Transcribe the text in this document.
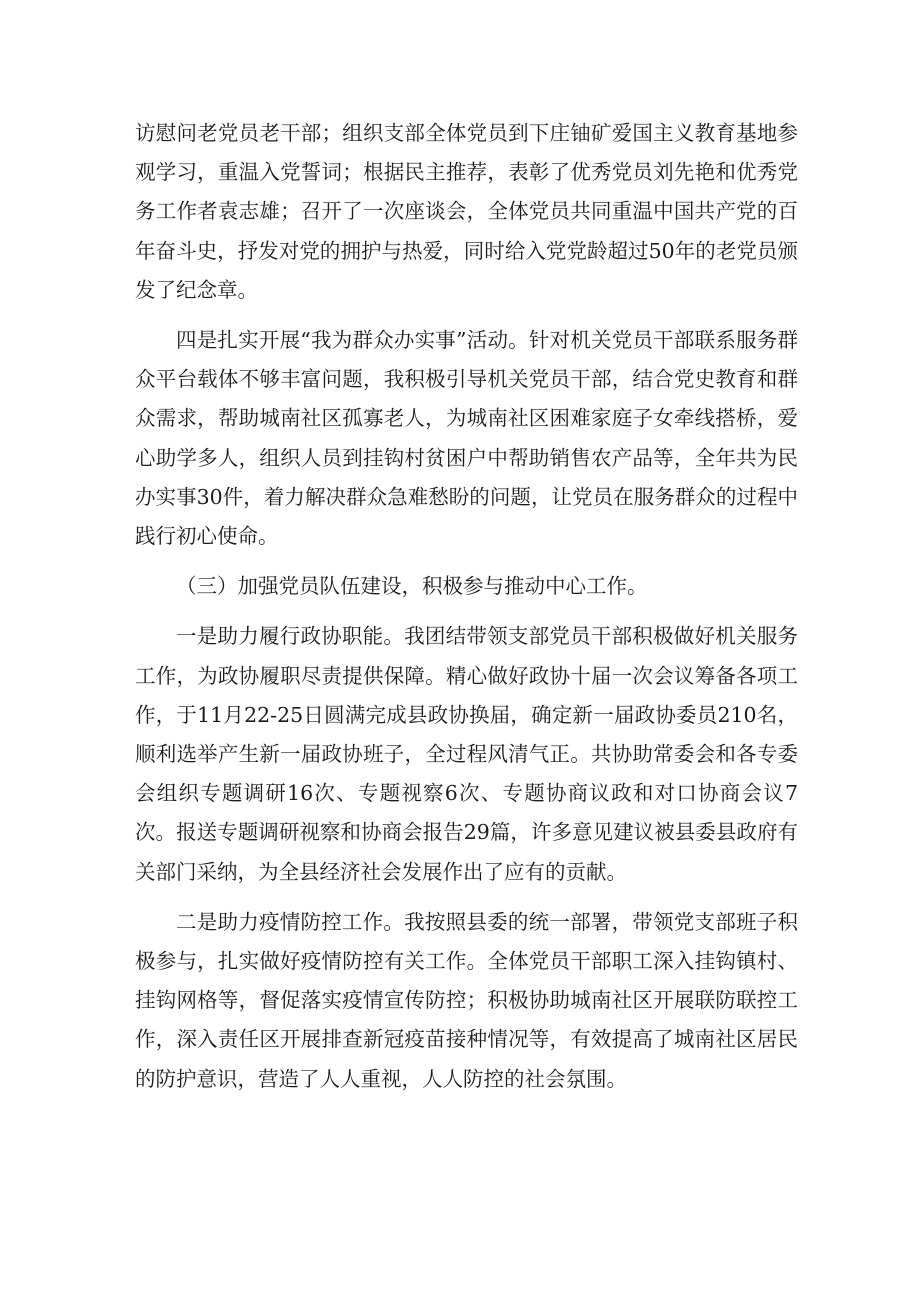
访慰问老党员老干部；组织支部全体党员到下庄铀矿爱国主义教育基地参观学习，重温入党誓词；根据民主推荐，表彰了优秀党员刘先艳和优秀党务工作者袁志雄；召开了一次座谈会，全体党员共同重温中国共产党的百年奋斗史，抒发对党的拥护与热爱，同时给入党党龄超过50年的老党员颁发了纪念章。

四是扎实开展“我为群众办实事”活动。针对机关党员干部联系服务群众平台载体不够丰富问题，我积极引导机关党员干部，结合党史教育和群众需求，帮助城南社区孤寡老人，为城南社区困难家庭子女牵线搭桥，爱心助学多人，组织人员到挂钩村贫困户中帮助销售农产品等，全年共为民办实事30件，着力解决群众急难愁盼的问题，让党员在服务群众的过程中践行初心使命。

（三）加强党员队伍建设，积极参与推动中心工作。

一是助力履行政协职能。我团结带领支部党员干部积极做好机关服务工作，为政协履职尽责提供保障。精心做好政协十届一次会议筹备各项工作，于11月22-25日圆满完成县政协换届，确定新一届政协委员210名，顺利选举产生新一届政协班子，全过程风清气正。共协助常委会和各专委会组织专题调研16次、专题视察6次、专题协商议政和对口协商会议7次。报送专题调研视察和协商会报告29篇，许多意见建议被县委县政府有关部门采纳，为全县经济社会发展作出了应有的贡献。

二是助力疫情防控工作。我按照县委的统一部署，带领党支部班子积极参与，扎实做好疫情防控有关工作。全体党员干部职工深入挂钩镇村、挂钩网格等，督促落实疫情宣传防控；积极协助城南社区开展联防联控工作，深入责任区开展排查新冠疫苗接种情况等，有效提高了城南社区居民的防护意识，营造了人人重视，人人防控的社会氛围。
